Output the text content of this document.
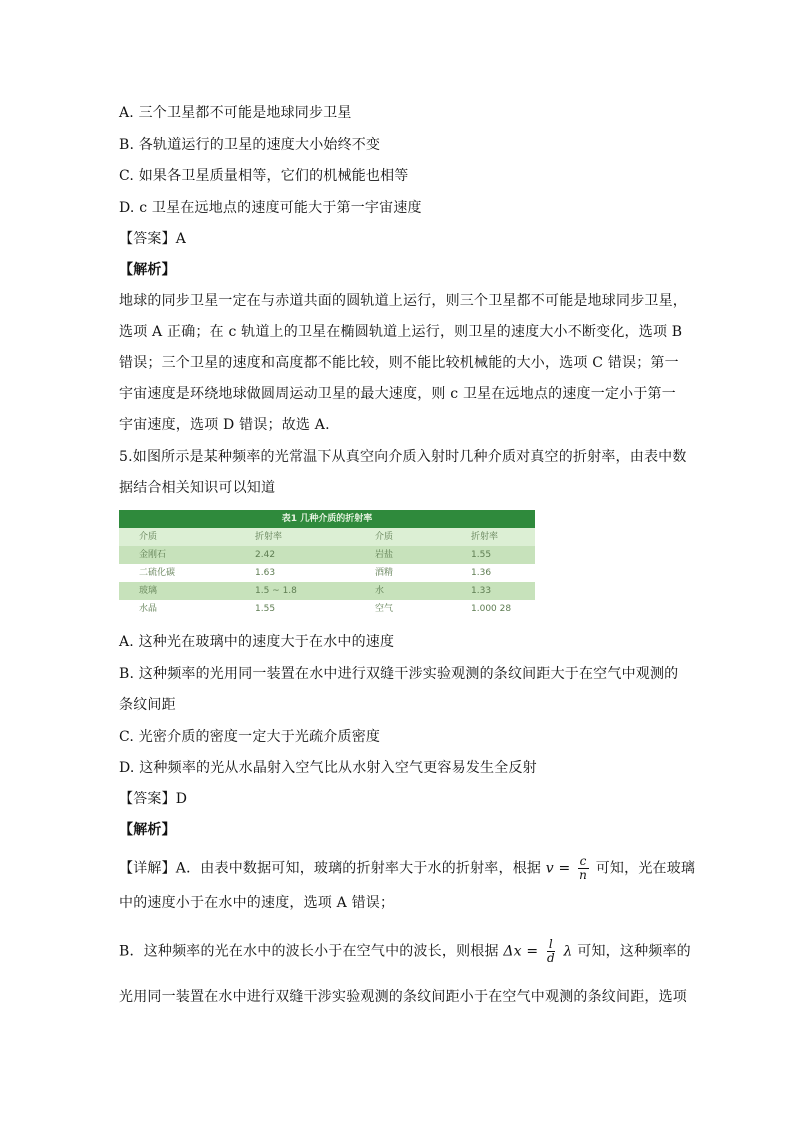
A. 三个卫星都不可能是地球同步卫星
B. 各轨道运行的卫星的速度大小始终不变
C. 如果各卫星质量相等，它们的机械能也相等
D. c 卫星在远地点的速度可能大于第一宇宙速度
【答案】A
【解析】
地球的同步卫星一定在与赤道共面的圆轨道上运行，则三个卫星都不可能是地球同步卫星，
选项 A 正确；在 c 轨道上的卫星在椭圆轨道上运行，则卫星的速度大小不断变化，选项 B
错误；三个卫星的速度和高度都不能比较，则不能比较机械能的大小，选项 C 错误；第一
宇宙速度是环绕地球做圆周运动卫星的最大速度，则 c 卫星在远地点的速度一定小于第一
宇宙速度，选项 D 错误；故选 A.
5.如图所示是某种频率的光常温下从真空向介质入射时几种介质对真空的折射率，由表中数
据结合相关知识可以知道
表1 几种介质的折射率
介质	折射率	介质	折射率
金刚石	2.42	岩盐	1.55
二硫化碳	1.63	酒精	1.36
玻璃	1.5 ~ 1.8	水	1.33
水晶	1.55	空气	1.000 28
A. 这种光在玻璃中的速度大于在水中的速度
B. 这种频率的光用同一装置在水中进行双缝干涉实验观测的条纹间距大于在空气中观测的
条纹间距
C. 光密介质的密度一定大于光疏介质密度
D. 这种频率的光从水晶射入空气比从水射入空气更容易发生全反射
【答案】D
【解析】
【详解】A．由表中数据可知，玻璃的折射率大于水的折射率，根据 $v = \frac{c}{n}$ 可知，光在玻璃
中的速度小于在水中的速度，选项 A 错误；
B．这种频率的光在水中的波长小于在空气中的波长，则根据 $\Delta x = \frac{l}{d}$ λ 可知，这种频率的
光用同一装置在水中进行双缝干涉实验观测的条纹间距小于在空气中观测的条纹间距，选项
